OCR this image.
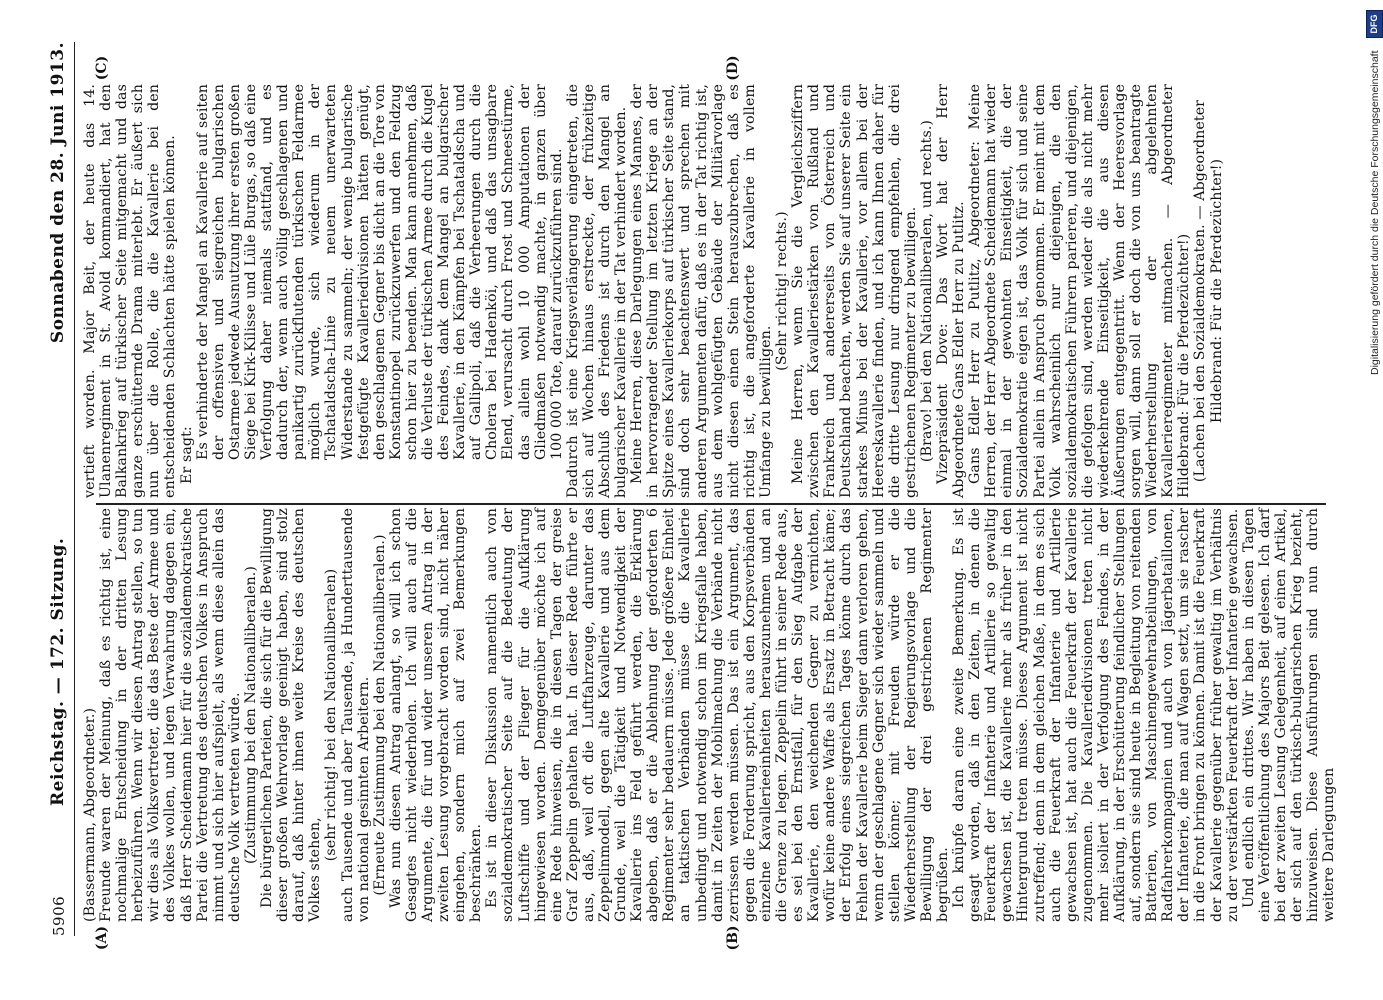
5906
Reichstag. — 172. Sitzung.
Sonnabend den 28. Juni 1913.
(A)	(B)
(C)	(D)

(Bassermann, Abgeordneter.) Freunde waren der Meinung, daß es richtig ist, eine nochmalige Entscheidung in der dritten Lesung herbeizuführen. Wenn wir diesen Antrag stellen, so tun wir dies als Volksvertreter, die das Beste der Armee und des Volkes wollen, und legen Verwahrung dagegen ein, daß Herr Scheidemann hier für die sozialdemokratische Partei die Vertretung des deutschen Volkes in Anspruch nimmt und sich hier aufspielt, als wenn diese allein das deutsche Volk vertreten würde. (Zustimmung bei den Nationalliberalen.) Die bürgerlichen Parteien, die sich für die Bewilligung dieser großen Wehrvorlage geeinigt haben, sind stolz darauf, daß hinter ihnen weite Kreise des deutschen Volkes stehen,

(sehr richtig! bei den Nationalliberalen) auch Tausende und aber Tausende, ja Hunderttausende von national gesinnten Arbeitern. (Erneute Zustimmung bei den Nationalliberalen.) Was nun diesen Antrag anlangt, so will ich schon Gesagtes nicht wiederholen. Ich will auch auf die Argumente, die für und wider unseren Antrag in der zweiten Lesung vorgebracht worden sind, nicht näher eingehen, sondern mich auf zwei Bemerkungen beschränken. Es ist in dieser Diskussion namentlich auch von sozialdemokratischer Seite auf die Bedeutung der Luftschiffe und der Flieger für die Aufklärung hingewiesen worden. Demgegenüber möchte ich auf eine Rede hinweisen, die in diesen Tagen der greise Graf Zeppelin gehalten hat. In dieser Rede führte er aus, daß, weil oft die Luftfahrzeuge, darunter das Zeppelinmodell, gegen alte Kavallerie und aus dem Grunde, weil die Tätigkeit und Notwendigkeit der Kavallerie ins Feld geführt werden, die Erklärung abgeben, daß er die Ablehnung der geforderten 6 Regimenter sehr bedauern müsse. Jede größere Einheit an taktischen Verbänden müsse die Kavallerie unbedingt und notwendig schon im Kriegsfalle haben, damit in Zeiten der Mobilmachung die Verbände nicht zerrissen werden müssen. Das ist ein Argument, das gegen die Forderung spricht, aus den Korpsverbänden einzelne Kavallerieeinheiten herauszunehmen und an die Grenze zu legen. Zeppelin führt in seiner Rede aus, es sei bei den Ernstfall, für den Sieg Aufgabe der Kavallerie, den weichenden Gegner zu vernichten, wofür keine andere Waffe als Ersatz in Betracht käme; der Erfolg eines siegreichen Tages könne durch das Fehlen der Kavallerie beim Sieger dann verloren gehen, wenn der geschlagene Gegner sich wieder sammeln und stellen könne; mit Freuden würde er die Wiederherstellung der Regierungsvorlage und die Bewilligung der drei gestrichenen Regimenter begrüßen. Ich knüpfe daran eine zweite Bemerkung. Es ist gesagt worden, daß in den Zeiten, in denen die Feuerkraft der Infanterie und Artillerie so gewaltig gewachsen ist, die Kavallerie mehr als früher in den Hintergrund treten müsse. Dieses Argument ist nicht zutreffend; denn in dem gleichen Maße, in dem es sich auch die Feuerkraft der Infanterie und Artillerie gewachsen ist, hat auch die Feuerkraft der Kavallerie zugenommen. Die Kavalleriedivisionen treten nicht mehr isoliert in der Verfolgung des Feindes, in der Aufklärung, in der Erschütterung feindlicher Stellungen auf, sondern sie sind heute in Begleitung von reitenden Batterien, von Maschinengewehrabteilungen, von Radfahrerkompagnien und auch von Jägerbataillonen, der Infanterie, die man auf Wagen setzt, um sie rascher in die Front bringen zu können. Damit ist die Feuerkraft der Kavallerie gegenüber früher gewaltig im Verhältnis zu der verstärkten Feuerkraft der Infanterie gewachsen. Und endlich ein drittes. Wir haben in diesen Tagen eine Veröffentlichung des Majors Beit gelesen. Ich darf bei der zweiten Lesung Gelegenheit, auf einen Artikel, der sich auf den türkisch-bulgarischen Krieg bezieht, hinzuweisen. Diese Ausführungen sind nun durch weitere Darlegungen

vertieft worden. Major Beit, der heute das 14. Ulanenregiment in St. Avold kommandiert, hat den Balkankrieg auf türkischer Seite mitgemacht und das ganze erschütternde Drama miterlebt. Er äußert sich nun über die Rolle, die die Kavallerie bei den entscheidenden Schlachten hätte spielen können. Er sagt: Es verhinderte der Mangel an Kavallerie auf seiten der offensiven und siegreichen bulgarischen Ostarmee jedwede Ausnutzung ihrer ersten großen Siege bei Kirk-Kilisse und Lüle Burgas, so daß eine Verfolgung daher niemals stattfand, und es dadurch der, wenn auch völlig geschlagenen und panikartig zurückflutenden türkischen Feldarmee möglich wurde, sich wiederum in der Tschataldscha-Linie zu neuem unerwarteten Widerstande zu sammeln; der wenige bulgarische festgefügte Kavalleriedivisionen hätten genügt, den geschlagenen Gegner bis dicht an die Tore von Konstantinopel zurückzuwerfen und den Feldzug schon hier zu beenden. Man kann annehmen, daß die Verluste der türkischen Armee durch die Kugel des Feindes, dank dem Mangel an bulgarischer Kavallerie, in den Kämpfen bei Tschataldscha und auf Gallipoli, daß die Verheerungen durch die Cholera bei Hadenköi, und daß das unsagbare Elend, verursacht durch Frost und Schneestürme, das allein wohl 10 000 Amputationen der Gliedmaßen notwendig machte, in ganzen über 100 000 Tote, darauf zurückzuführen sind. Dadurch ist eine Kriegsverlängerung eingetreten, die sich auf Wochen hinaus erstreckte, der frühzeitige Abschluß des Friedens ist durch den Mangel an bulgarischer Kavallerie in der Tat verhindert worden. Meine Herren, diese Darlegungen eines Mannes, der in hervorragender Stellung im letzten Kriege an der Spitze eines Kavalleriekorps auf türkischer Seite stand, sind doch sehr beachtenswert und sprechen mit anderen Argumenten dafür, daß es in der Tat richtig ist, aus dem wohlgefügten Gebäude der Militärvorlage nicht diesen einen Stein herauszubrechen, daß es richtig ist, die angeforderte Kavallerie in vollem Umfange zu bewilligen.

(Sehr richtig! rechts.) Meine Herren, wenn Sie die Vergleichsziffern zwischen den Kavalleriestärken von Rußland und Frankreich und andererseits von Österreich und Deutschland beachten, werden Sie auf unserer Seite ein starkes Minus bei der Kavallerie, vor allem bei der Heereskavallerie finden, und ich kann Ihnen daher für die dritte Lesung nur dringend empfehlen, die drei gestrichenen Regimenter zu bewilligen. (Bravo! bei den Nationalliberalen, und rechts.) Vizepräsident Dove: Das Wort hat der Herr Abgeordnete Gans Edler Herr zu Putlitz. Gans Edler Herr zu Putlitz, Abgeordneter: Meine Herren, der Herr Abgeordnete Scheidemann hat wieder einmal in der gewohnten Einseitigkeit, die der Sozialdemokratie eigen ist, das Volk für sich und seine Partei allein in Anspruch genommen. Er meint mit dem Volk wahrscheinlich nur diejenigen, die den sozialdemokratischen Führern parieren, und diejenigen, die gefolgen sind, werden wieder die als nicht mehr wiederkehrende Einseitigkeit, die aus diesen Äußerungen entgegentritt. Wenn der Heeresvorlage sorgen will, dann soll er doch die von uns beantragte Wiederherstellung der abgelehnten Kavallerieregimenter mitmachen. — Abgeordneter Hildebrand: Für die Pferdezüchter!) (Lachen bei den Sozialdemokraten. — Abgeordneter Hildebrand: Für die Pferdezüchter!)

DFG
Digitalisierung gefördert durch die Deutsche Forschungsgemeinschaft
